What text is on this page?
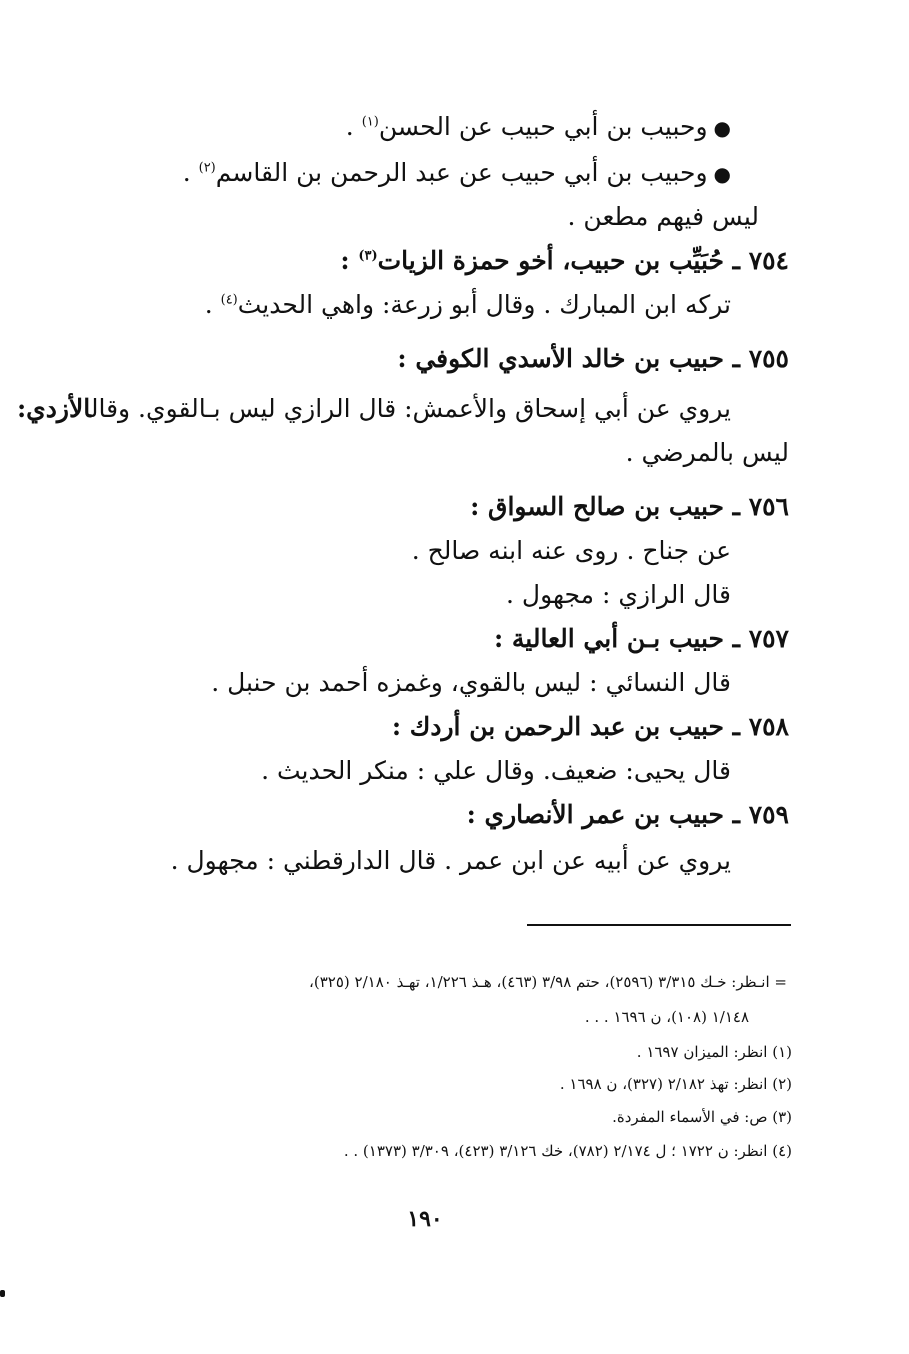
●وحبيب بن أبي حبيب عن الحسن$^{(١)}$ .
●وحبيب بن أبي حبيب عن عبد الرحمن بن القاسم$^{(٢)}$ .
ليس فيهم مطعن .
٧٥٤ ـ حُبَيِّب بن حبيب، أخو حمزة الزيات$^{(٣)}$ :
تركه ابن المبارك . وقال أبو زرعة: واهي الحديث$^{(٤)}$ .
٧٥٥ ـ حبيب بن خالد الأسدي الكوفي :
يروي عن أبي إسحاق والأعمش: قال الرازي ليس بـالقوي. وقالالأزدي:
ليس بالمرضي .
٧٥٦ ـ حبيب بن صالح السواق :
عن جناح . روى عنه ابنه صالح .
قال الرازي : مجهول .
٧٥٧ ـ حبيب بـن أبي العالية :
قال النسائي : ليس بالقوي، وغمزه أحمد بن حنبل .
٧٥٨ ـ حبيب بن عبد الرحمن بن أردك :
قال يحيى: ضعيف. وقال علي : منكر الحديث .
٧٥٩ ـ حبيب بن عمر الأنصاري :
يروي عن أبيه عن ابن عمر . قال الدارقطني : مجهول .
= انـظر: خـك ٣/٣١٥ (٢٥٩٦)، حتم ٣/٩٨ (٤٦٣)، هـذ ١/٢٢٦، تهـذ ٢/١٨٠ (٣٢٥)،
١/١٤٨ (١٠٨)، ن ١٦٩٦ . . .
(١) انظر: الميزان ١٦٩٧ .
(٢) انظر: تهذ ٢/١٨٢ (٣٢٧)، ن ١٦٩٨ .
(٣) ص: في الأسماء المفردة.
(٤) انظر: ن ١٧٢٢ ؛ ل ٢/١٧٤ (٧٨٢)، خك ٣/١٢٦ (٤٢٣)، ٣/٣٠٩ (١٣٧٣) . .
١٩٠
